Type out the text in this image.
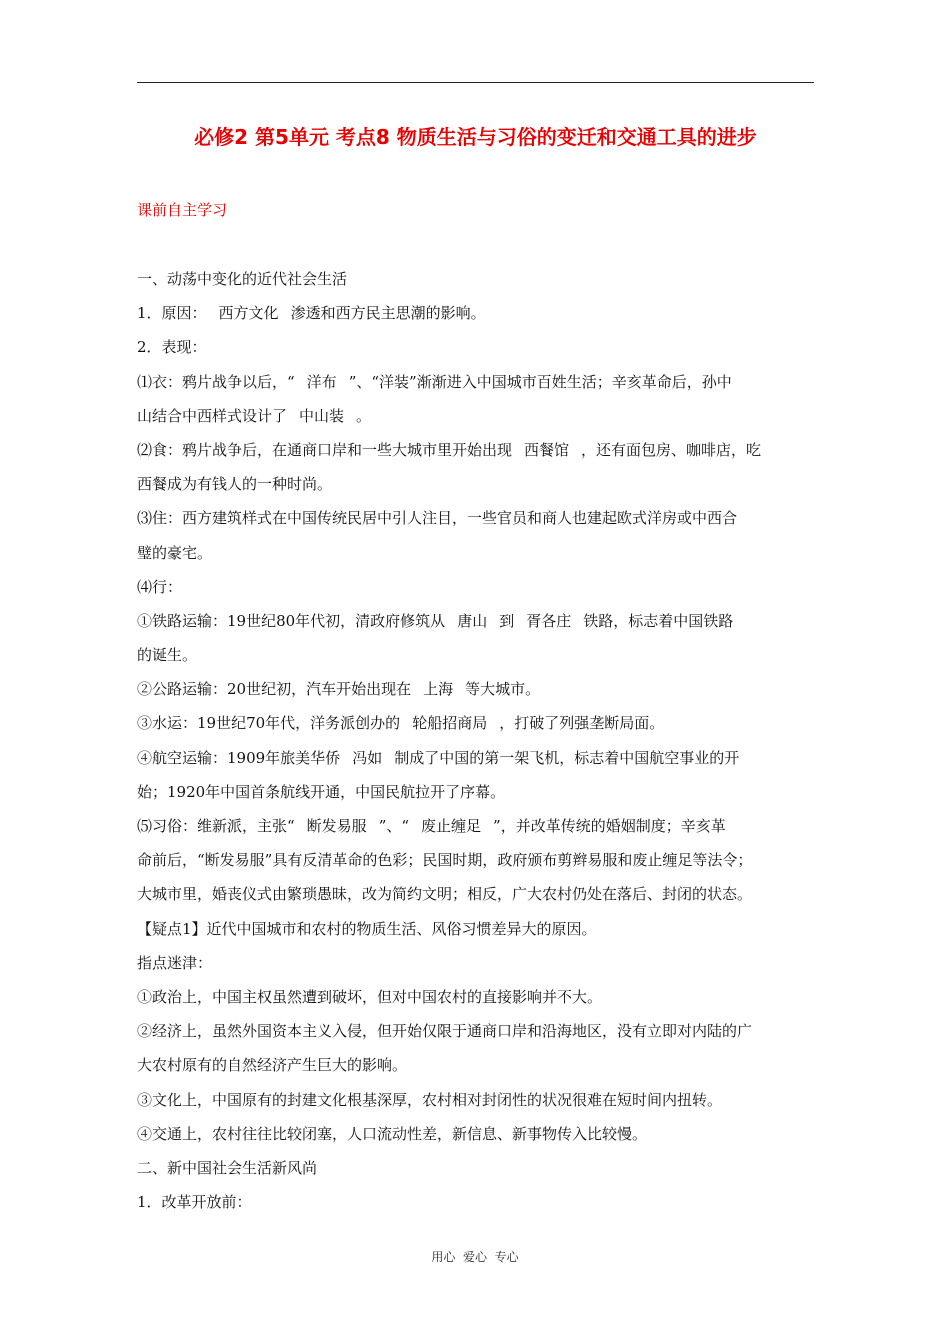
必修2 第5单元 考点8 物质生活与习俗的变迁和交通工具的进步
课前自主学习
一、动荡中变化的近代社会生活
1．原因： 西方文化 渗透和西方民主思潮的影响。
2．表现：
⑴衣：鸦片战争以后，“ 洋布 ”、“洋装”渐渐进入中国城市百姓生活；辛亥革命后，孙中
山结合中西样式设计了 中山装 。
⑵食：鸦片战争后，在通商口岸和一些大城市里开始出现 西餐馆 ，还有面包房、咖啡店，吃
西餐成为有钱人的一种时尚。
⑶住：西方建筑样式在中国传统民居中引人注目，一些官员和商人也建起欧式洋房或中西合
璧的豪宅。
⑷行：
①铁路运输：19世纪80年代初，清政府修筑从 唐山 到 胥各庄 铁路，标志着中国铁路
的诞生。
②公路运输：20世纪初，汽车开始出现在 上海 等大城市。
③水运：19世纪70年代，洋务派创办的 轮船招商局 ，打破了列强垄断局面。
④航空运输：1909年旅美华侨 冯如 制成了中国的第一架飞机，标志着中国航空事业的开
始；1920年中国首条航线开通，中国民航拉开了序幕。
⑸习俗：维新派，主张“ 断发易服 ”、“ 废止缠足 ”，并改革传统的婚姻制度；辛亥革
命前后，“断发易服”具有反清革命的色彩；民国时期，政府颁布剪辫易服和废止缠足等法令；
大城市里，婚丧仪式由繁琐愚昧，改为简约文明；相反，广大农村仍处在落后、封闭的状态。
【疑点1】近代中国城市和农村的物质生活、风俗习惯差异大的原因。
指点迷津：
①政治上，中国主权虽然遭到破坏，但对中国农村的直接影响并不大。
②经济上，虽然外国资本主义入侵，但开始仅限于通商口岸和沿海地区，没有立即对内陆的广
大农村原有的自然经济产生巨大的影响。
③文化上，中国原有的封建文化根基深厚，农村相对封闭性的状况很难在短时间内扭转。
④交通上，农村往往比较闭塞，人口流动性差，新信息、新事物传入比较慢。
二、新中国社会生活新风尚
1．改革开放前：
用心  爱心  专心
